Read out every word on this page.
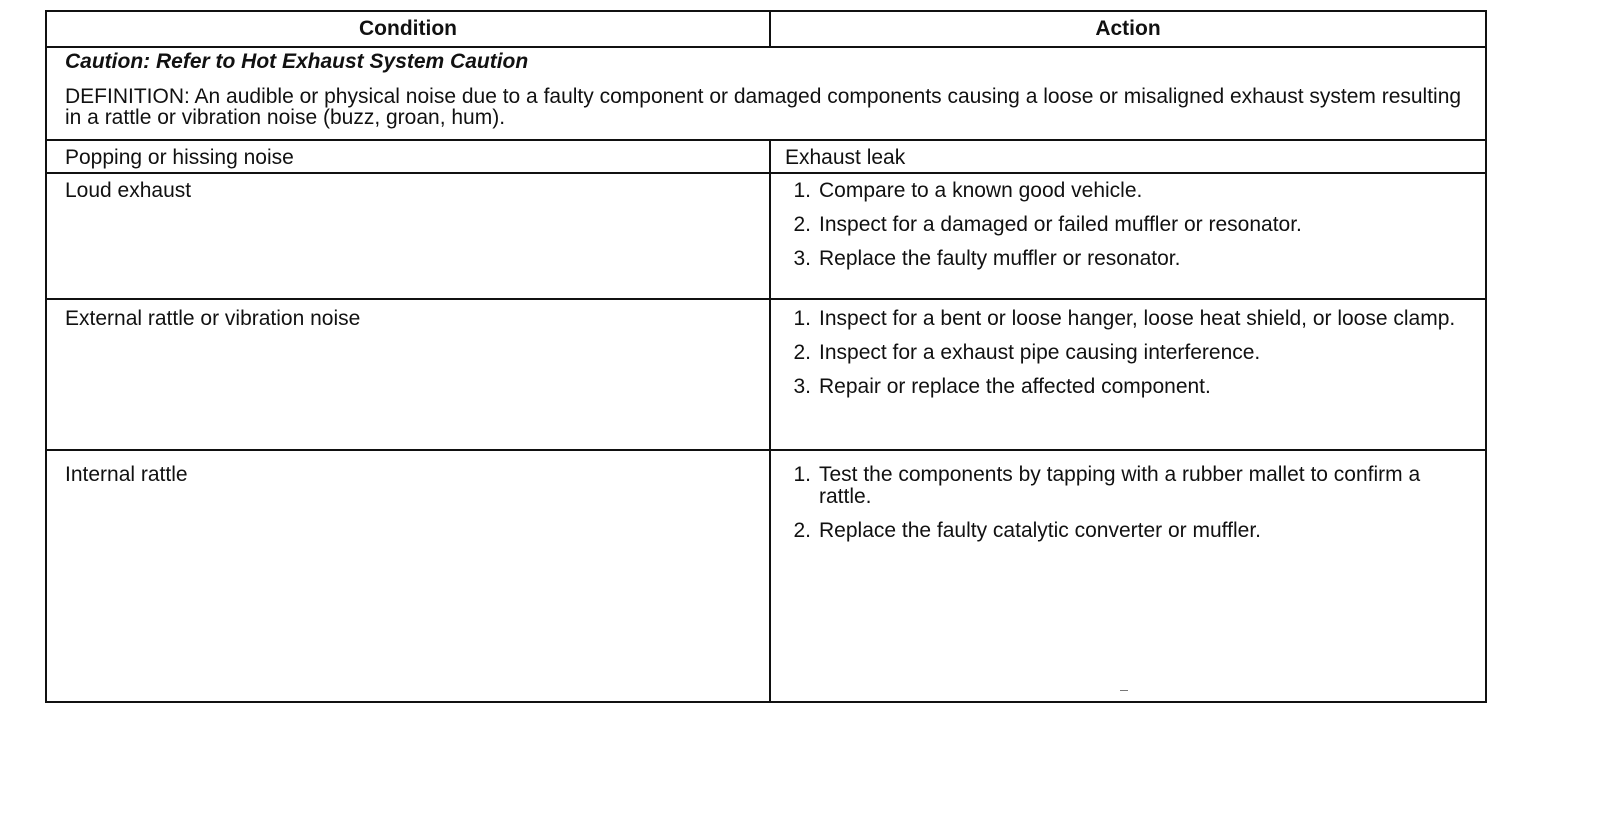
Condition	Action
Caution: Refer to Hot Exhaust System Caution
DEFINITION: An audible or physical noise due to a faulty component or damaged components causing a loose or misaligned exhaust system resulting in a rattle or vibration noise (buzz, groan, hum).
Popping or hissing noise	Exhaust leak
Loud exhaust	1. Compare to a known good vehicle.
2. Inspect for a damaged or failed muffler or resonator.
3. Replace the faulty muffler or resonator.
External rattle or vibration noise	1. Inspect for a bent or loose hanger, loose heat shield, or loose clamp.
2. Inspect for a exhaust pipe causing interference.
3. Repair or replace the affected component.
Internal rattle	1. Test the components by tapping with a rubber mallet to confirm a rattle.
2. Replace the faulty catalytic converter or muffler.
